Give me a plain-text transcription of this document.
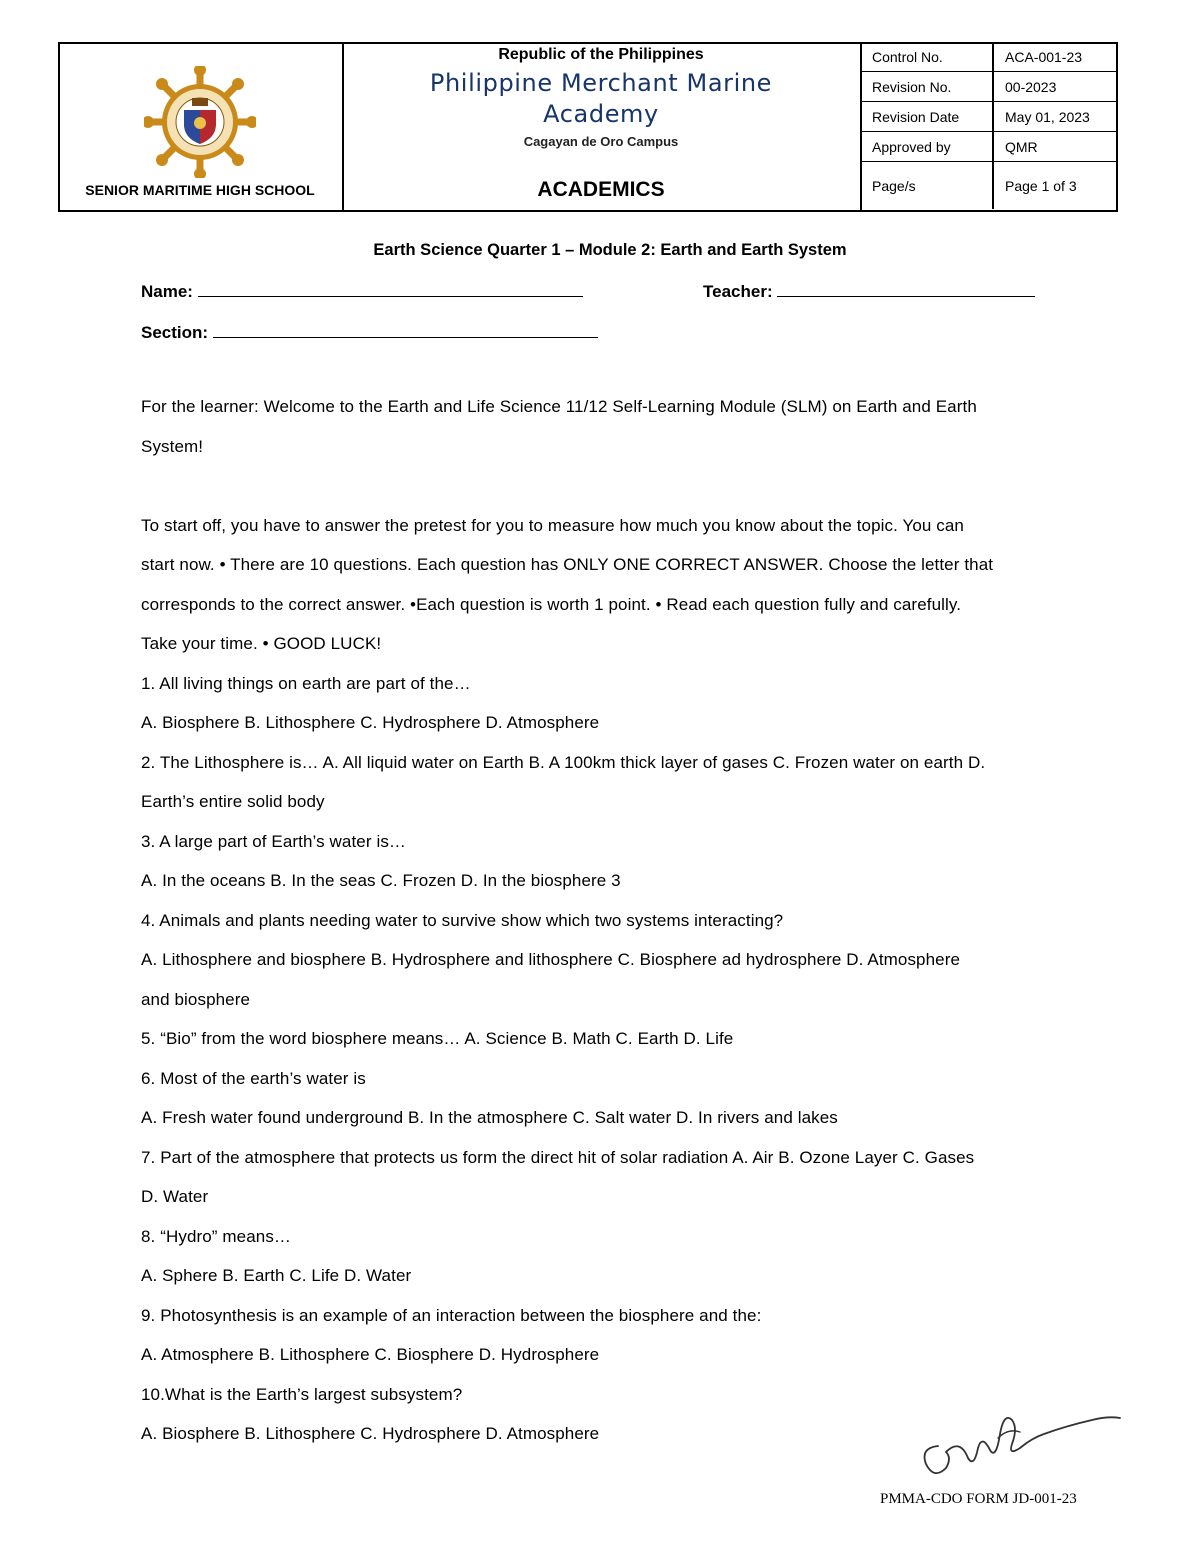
SENIOR MARITIME HIGH SCHOOL
Republic of the Philippines
Philippine Merchant Marine
Academy
Cagayan de Oro Campus
ACADEMICS
Control No.	ACA-001-23
Revision No.	00-2023
Revision Date	May 01, 2023
Approved by	QMR
Page/s	Page 1 of 3
Earth Science Quarter 1 – Module 2: Earth and Earth System
Name:	Teacher:
Section:
For the learner: Welcome to the Earth and Life Science 11/12 Self-Learning Module (SLM) on Earth and Earth
System!
To start off, you have to answer the pretest for you to measure how much you know about the topic. You can
start now. • There are 10 questions. Each question has ONLY ONE CORRECT ANSWER. Choose the letter that
corresponds to the correct answer. •Each question is worth 1 point. • Read each question fully and carefully.
Take your time. • GOOD LUCK!
1. All living things on earth are part of the…
A. Biosphere B. Lithosphere C. Hydrosphere D. Atmosphere
2. The Lithosphere is… A. All liquid water on Earth B. A 100km thick layer of gases C. Frozen water on earth D.
Earth’s entire solid body
3. A large part of Earth’s water is…
A. In the oceans B. In the seas C. Frozen D. In the biosphere 3
4. Animals and plants needing water to survive show which two systems interacting?
A. Lithosphere and biosphere B. Hydrosphere and lithosphere C. Biosphere ad hydrosphere D. Atmosphere
and biosphere
5. “Bio” from the word biosphere means… A. Science B. Math C. Earth D. Life
6. Most of the earth’s water is
A. Fresh water found underground B. In the atmosphere C. Salt water D. In rivers and lakes
7. Part of the atmosphere that protects us form the direct hit of solar radiation A. Air B. Ozone Layer C. Gases
D. Water
8. “Hydro” means…
A. Sphere B. Earth C. Life D. Water
9. Photosynthesis is an example of an interaction between the biosphere and the:
A. Atmosphere B. Lithosphere C. Biosphere D. Hydrosphere
10.What is the Earth’s largest subsystem?
A. Biosphere B. Lithosphere C. Hydrosphere D. Atmosphere
PMMA-CDO FORM JD-001-23
